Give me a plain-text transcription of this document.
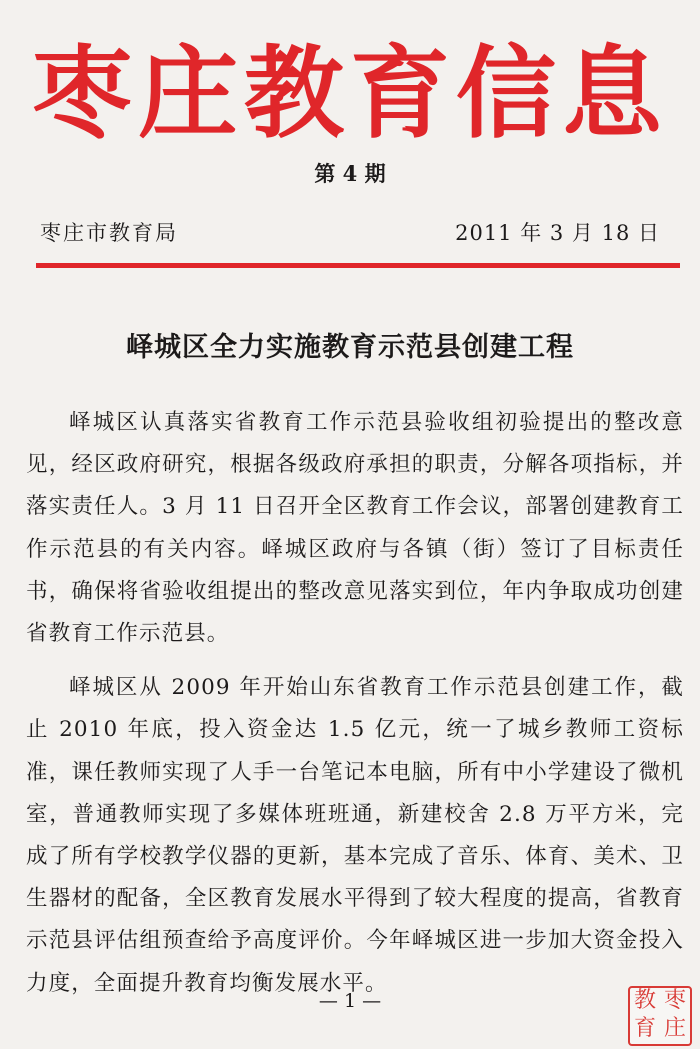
枣庄教育信息
第 4 期
枣庄市教育局	2011 年 3 月 18 日
峄城区全力实施教育示范县创建工程

峄城区认真落实省教育工作示范县验收组初验提出的整改意见，经区政府研究，根据各级政府承担的职责，分解各项指标，并落实责任人。3 月 11 日召开全区教育工作会议，部署创建教育工作示范县的有关内容。峄城区政府与各镇（街）签订了目标责任书，确保将省验收组提出的整改意见落实到位，年内争取成功创建省教育工作示范县。

峄城区从 2009 年开始山东省教育工作示范县创建工作，截止 2010 年底，投入资金达 1.5 亿元，统一了城乡教师工资标准，课任教师实现了人手一台笔记本电脑，所有中小学建设了微机室，普通教师实现了多媒体班班通，新建校舍 2.8 万平方米，完成了所有学校教学仪器的更新，基本完成了音乐、体育、美术、卫生器材的配备，全区教育发展水平得到了较大程度的提高，省教育示范县评估组预查给予高度评价。今年峄城区进一步加大资金投入力度，全面提升教育均衡发展水平。

— 1 —	教 枣
育 庄
